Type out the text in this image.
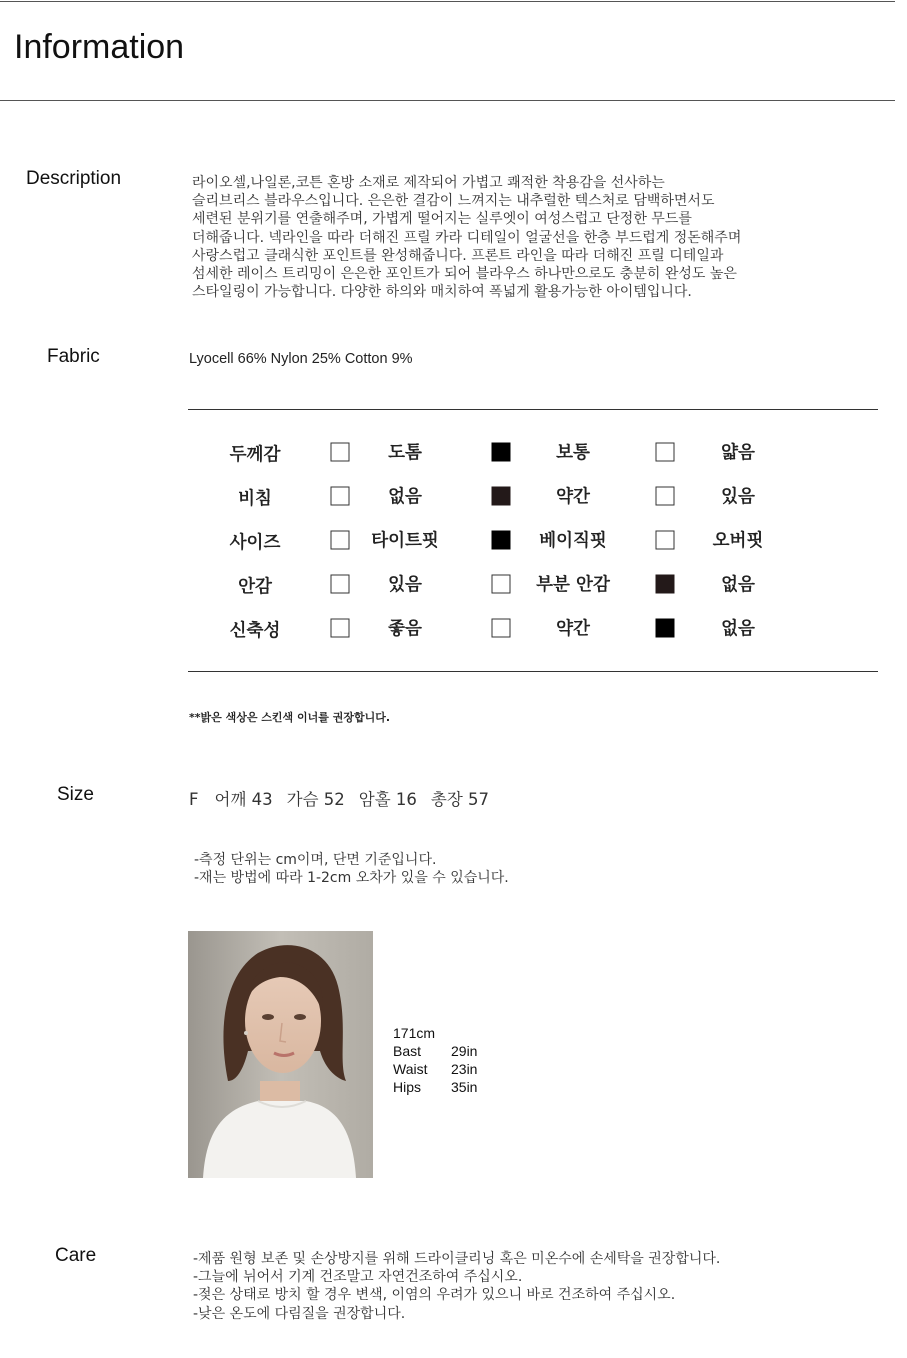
Information
Description	라이오셀,나일론,코튼 혼방 소재로 제작되어 가볍고 쾌적한 착용감을 선사하는
슬리브리스 블라우스입니다. 은은한 결감이 느껴지는 내추럴한 텍스처로 담백하면서도
세련된 분위기를 연출해주며, 가볍게 떨어지는 실루엣이 여성스럽고 단정한 무드를
더해줍니다. 넥라인을 따라 더해진 프릴 카라 디테일이 얼굴선을 한층 부드럽게 정돈해주며
사랑스럽고 클래식한 포인트를 완성해줍니다. 프론트 라인을 따라 더해진 프릴 디테일과
섬세한 레이스 트리밍이 은은한 포인트가 되어 블라우스 하나만으로도 충분히 완성도 높은
스타일링이 가능합니다. 다양한 하의와 매치하여 폭넓게 활용가능한 아이템입니다.
Fabric	Lyocell 66% Nylon 25% Cotton 9%
두께감	도톰	보통	얇음
비침	없음	약간	있음
사이즈	타이트핏	베이직핏	오버핏
안감	있음	부분 안감	없음
신축성	좋음	약간	없음
**밝은 색상은 스킨색 이너를 권장합니다.
Size	F 어깨 43 가슴 52 암홀 16 총장 57
-측정 단위는 cm이며, 단면 기준입니다.
-재는 방법에 따라 1-2cm 오차가 있을 수 있습니다.
171cm
Bast 29in
Waist 23in
Hips 35in
Care	-제품 원형 보존 및 손상방지를 위해 드라이클리닝 혹은 미온수에 손세탁을 권장합니다.
-그늘에 뉘어서 기계 건조말고 자연건조하여 주십시오.
-젖은 상태로 방치 할 경우 변색, 이염의 우려가 있으니 바로 건조하여 주십시오.
-낮은 온도에 다림질을 권장합니다.
